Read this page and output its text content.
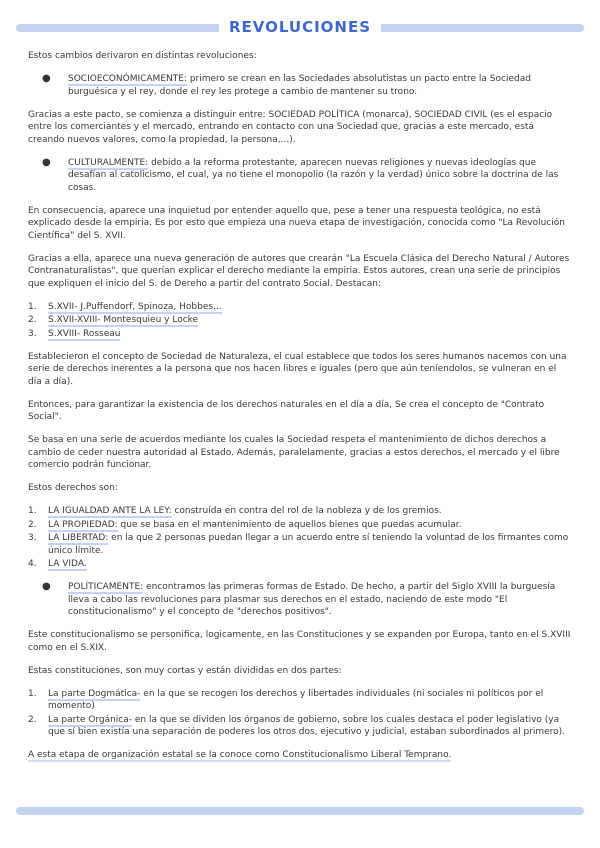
REVOLUCIONES

Estos cambios derivaron en distintas revoluciones:

● SOCIOECONÓMICAMENTE: primero se crean en las Sociedades absolutistas un pacto entre la Sociedad burguésica y el rey, donde el rey les protege a cambio de mantener su trono.

Gracias a este pacto, se comienza a distinguir entre: SOCIEDAD POLÍTICA (monarca), SOCIEDAD CIVIL (es el espacio entre los comerciantes y el mercado, entrando en contacto con una Sociedad que, gracias a este mercado, está creando nuevos valores, como la propiedad, la persona,...).

● CULTURALMENTE: debido a la reforma protestante, aparecen nuevas religiones y nuevas ideologías que desafían al catolicismo, el cual, ya no tiene el monopolio (la razón y la verdad) único sobre la doctrina de las cosas.

En consecuencia, aparece una inquietud por entender aquello que, pese a tener una respuesta teológica, no está explicado desde la empiria. Es por esto que empieza una nueva etapa de investigación, conocida como "La Revolución Científica" del S. XVII.

Gracias a ella, aparece una nueva generación de autores que crearán "La Escuela Clásica del Derecho Natural / Autores Contranaturalistas", que querían explicar el derecho mediante la empiria. Estos autores, crean una serie de principios que expliquen el inicio del S. de Dereho a partir del contrato Social. Destacan:

1. S.XVII- J.Puffendorf, Spinoza, Hobbes...
2. S.XVII-XVIII- Montesquieu y Locke
3. S.XVIII- Rosseau

Establecieron el concepto de Sociedad de Naturaleza, el cual establece que todos los seres humanos nacemos con una serie de derechos inerentes a la persona que nos hacen libres e iguales (pero que aún teníendolos, se vulneran en el día a día).

Entonces, para garantizar la existencia de los derechos naturales en el día a día, Se crea el concepto de "Contrato Social".

Se basa en una serie de acuerdos mediante los cuales la Sociedad respeta el mantenimiento de dichos derechos a cambio de ceder nuestra autoridad al Estado. Además, paralelamente, gracias a estos derechos, el mercado y el libre comercio podrán funcionar.

Estos derechos son:

1. LA IGUALDAD ANTE LA LEY: construída en contra del rol de la nobleza y de los gremios.
2. LA PROPIEDAD: que se basa en el mantenimiento de aquellos bienes que puedas acumular.
3. LA LIBERTAD: en la que 2 personas puedan llegar a un acuerdo entre sí teniendo la voluntad de los firmantes como único límite.
4. LA VIDA.
● POLÍTICAMENTE: encontramos las primeras formas de Estado. De hecho, a partir del Siglo XVIII la burguesía lleva a cabo las revoluciones para plasmar sus derechos en el estado, naciendo de este modo "El constitucionalismo" y el concepto de "derechos positivos".

Este constitucionalismo se personifica, logicamente, en las Constituciones y se expanden por Europa, tanto en el S.XVIII como en el S.XIX.

Estas constituciones, son muy cortas y están divididas en dos partes:

1. La parte Dogmática- en la que se recogen los derechos y libertades individuales (ni sociales ni políticos por el momento)
2. La parte Orgánica- en la que se dividen los órganos de gobierno, sobre los cuales destaca el poder legislativo (ya que sí bien existía una separación de poderes los otros dos, ejecutivo y judicial, estaban subordinados al primero).

A esta etapa de organización estatal se la conoce como Constitucionalismo Liberal Temprano.
